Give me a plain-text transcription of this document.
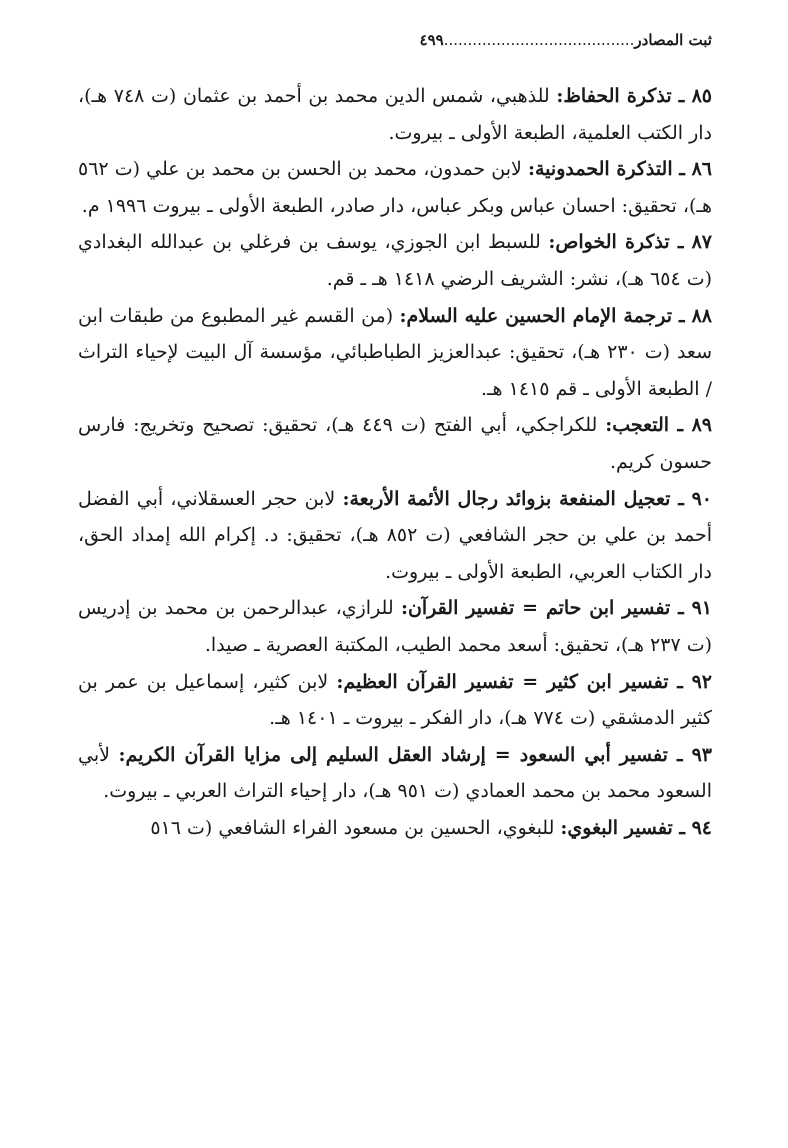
ثبت المصادر........................................٤٩٩

٨٥ ـ تذكرة الحفاظ: للذهبي، شمس الدين محمد بن أحمد بن عثمان (ت ٧٤٨ هـ)، دار الكتب العلمية، الطبعة الأولى ـ بيروت.

٨٦ ـ التذكرة الحمدونية: لابن حمدون، محمد بن الحسن بن محمد بن علي (ت ٥٦٢ هـ)، تحقيق: احسان عباس وبكر عباس، دار صادر، الطبعة الأولى ـ بيروت ١٩٩٦ م.

٨٧ ـ تذكرة الخواص: للسبط ابن الجوزي، يوسف بن فرغلي بن عبدالله البغدادي (ت ٦٥٤ هـ)، نشر: الشريف الرضي ١٤١٨ هـ ـ قم.

٨٨ ـ ترجمة الإمام الحسين عليه السلام: (من القسم غير المطبوع من طبقات ابن سعد (ت ٢٣٠ هـ)، تحقيق: عبدالعزيز الطباطبائي، مؤسسة آل البيت لإحياء التراث / الطبعة الأولى ـ قم ١٤١٥ هـ.

٨٩ ـ التعجب: للكراجكي، أبي الفتح (ت ٤٤٩ هـ)، تحقيق: تصحيح وتخريج: فارس حسون كريم.

٩٠ ـ تعجيل المنفعة بزوائد رجال الأئمة الأربعة: لابن حجر العسقلاني، أبي الفضل أحمد بن علي بن حجر الشافعي (ت ٨٥٢ هـ)، تحقيق: د. إكرام الله إمداد الحق، دار الكتاب العربي، الطبعة الأولى ـ بيروت.

٩١ ـ تفسير ابن حاتم = تفسير القرآن: للرازي، عبدالرحمن بن محمد بن إدريس (ت ٢٣٧ هـ)، تحقيق: أسعد محمد الطيب، المكتبة العصرية ـ صيدا.

٩٢ ـ تفسير ابن كثير = تفسير القرآن العظيم: لابن كثير، إسماعيل بن عمر بن كثير الدمشقي (ت ٧٧٤ هـ)، دار الفكر ـ بيروت ـ ١٤٠١ هـ.

٩٣ ـ تفسير أبي السعود = إرشاد العقل السليم إلى مزايا القرآن الكريم: لأبي السعود محمد بن محمد العمادي (ت ٩٥١ هـ)، دار إحياء التراث العربي ـ بيروت.

٩٤ ـ تفسير البغوي: للبغوي، الحسين بن مسعود الفراء الشافعي (ت ٥١٦
